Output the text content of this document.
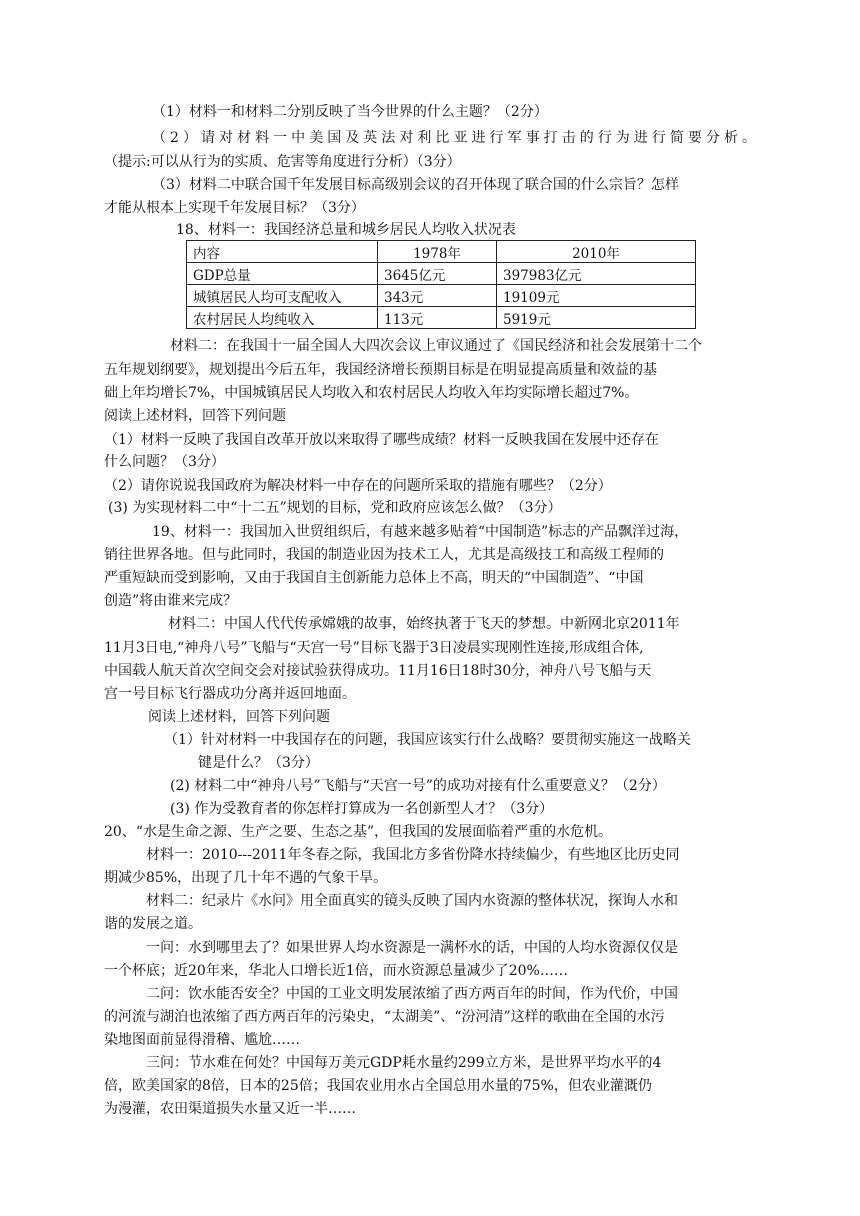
（1）材料一和材料二分别反映了当今世界的什么主题？（2分）
（2）请对材料一中美国及英法对利比亚进行军事打击的行为进行简要分析。
（提示:可以从行为的实质、危害等角度进行分析）（3分）
（3）材料二中联合国千年发展目标高级别会议的召开体现了联合国的什么宗旨？怎样
才能从根本上实现千年发展目标？（3分）
18、材料一：我国经济总量和城乡居民人均收入状况表
内容	1978年	2010年
GDP总量	3645亿元	397983亿元
城镇居民人均可支配收入	343元	19109元
农村居民人均纯收入	113元	5919元
材料二：在我国十一届全国人大四次会议上审议通过了《国民经济和社会发展第十二个
五年规划纲要》，规划提出今后五年，我国经济增长预期目标是在明显提高质量和效益的基
础上年均增长7%，中国城镇居民人均收入和农村居民人均收入年均实际增长超过7%。
阅读上述材料，回答下列问题
（1）材料一反映了我国自改革开放以来取得了哪些成绩？材料一反映我国在发展中还存在
什么问题？（3分）
（2）请你说说我国政府为解决材料一中存在的问题所采取的措施有哪些？（2分）
(3) 为实现材料二中“十二五”规划的目标，党和政府应该怎么做？（3分）
19、材料一：我国加入世贸组织后，有越来越多贴着“中国制造”标志的产品飘洋过海，
销往世界各地。但与此同时，我国的制造业因为技术工人，尤其是高级技工和高级工程师的
严重短缺而受到影响，又由于我国自主创新能力总体上不高，明天的“中国制造”、“中国
创造”将由谁来完成？
材料二：中国人代代传承嫦娥的故事，始终执著于飞天的梦想。中新网北京2011年
11月3日电,“神舟八号”飞船与“天宫一号”目标飞器于3日凌晨实现刚性连接,形成组合体,
中国载人航天首次空间交会对接试验获得成功。11月16日18时30分，神舟八号飞船与天
宫一号目标飞行器成功分离并返回地面。
阅读上述材料，回答下列问题
（1）针对材料一中我国存在的问题，我国应该实行什么战略？要贯彻实施这一战略关
键是什么？（3分）
(2) 材料二中“神舟八号”飞船与“天宫一号”的成功对接有什么重要意义？（2分）
(3) 作为受教育者的你怎样打算成为一名创新型人才？（3分）
20、“水是生命之源、生产之要、生态之基”，但我国的发展面临着严重的水危机。
材料一：2010---2011年冬春之际，我国北方多省份降水持续偏少，有些地区比历史同
期减少85%，出现了几十年不遇的气象干旱。
材料二：纪录片《水问》用全面真实的镜头反映了国内水资源的整体状况，探询人水和
谐的发展之道。
一问：水到哪里去了？如果世界人均水资源是一满杯水的话，中国的人均水资源仅仅是
一个杯底；近20年来，华北人口增长近1倍，而水资源总量减少了20%……
二问：饮水能否安全？中国的工业文明发展浓缩了西方两百年的时间，作为代价，中国
的河流与湖泊也浓缩了西方两百年的污染史，“太湖美”、“汾河清”这样的歌曲在全国的水污
染地图面前显得滑稽、尴尬……
三问：节水难在何处？中国每万美元GDP耗水量约299立方米，是世界平均水平的4
倍，欧美国家的8倍，日本的25倍；我国农业用水占全国总用水量的75%，但农业灌溉仍
为漫灌，农田渠道损失水量又近一半……
